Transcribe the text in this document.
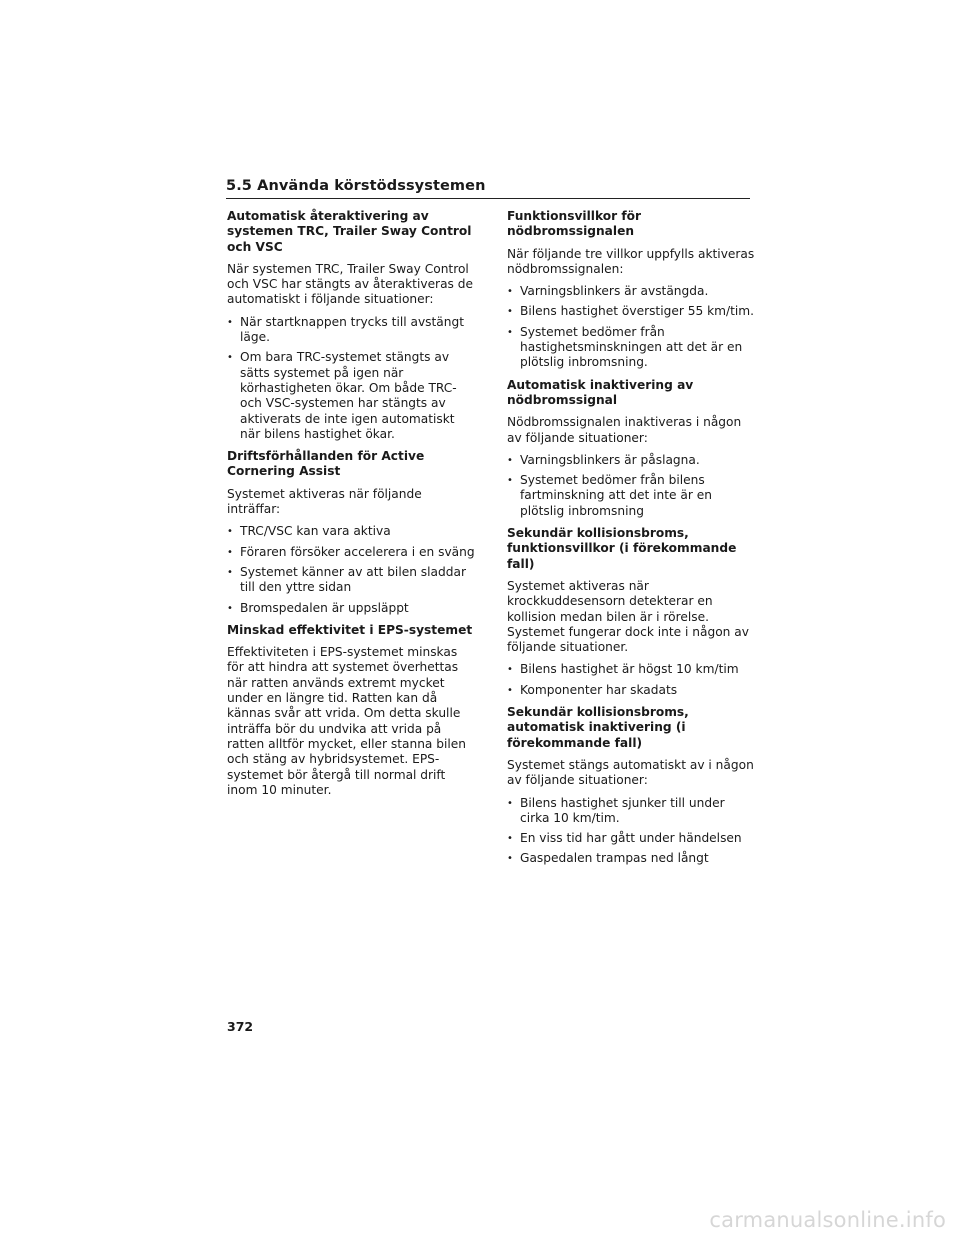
5.5 Använda körstödssystemen
Automatisk återaktivering av systemen TRC, Trailer Sway Control och VSC
När systemen TRC, Trailer Sway Control och VSC har stängts av återaktiveras de automatiskt i följande situationer:
• När startknappen trycks till avstängt läge.
• Om bara TRC-systemet stängts av sätts systemet på igen när körhastigheten ökar. Om både TRC- och VSC-systemen har stängts av aktiverats de inte igen automatiskt när bilens hastighet ökar.
Driftsförhållanden för Active Cornering Assist
Systemet aktiveras när följande inträffar:
• TRC/VSC kan vara aktiva
• Föraren försöker accelerera i en sväng
• Systemet känner av att bilen sladdar till den yttre sidan
• Bromspedalen är uppsläppt
Minskad effektivitet i EPS-systemet
Effektiviteten i EPS-systemet minskas för att hindra att systemet överhettas när ratten används extremt mycket under en längre tid. Ratten kan då kännas svår att vrida. Om detta skulle inträffa bör du undvika att vrida på ratten alltför mycket, eller stanna bilen och stäng av hybridsystemet. EPS-systemet bör återgå till normal drift inom 10 minuter.
Funktionsvillkor för nödbromssignalen
När följande tre villkor uppfylls aktiveras nödbromssignalen:
• Varningsblinkers är avstängda.
• Bilens hastighet överstiger 55 km/tim.
• Systemet bedömer från hastighetsminskningen att det är en plötslig inbromsning.
Automatisk inaktivering av nödbromssignal
Nödbromssignalen inaktiveras i någon av följande situationer:
• Varningsblinkers är påslagna.
• Systemet bedömer från bilens fartminskning att det inte är en plötslig inbromsning
Sekundär kollisionsbroms, funktionsvillkor (i förekommande fall)
Systemet aktiveras när krockkuddesensorn detekterar en kollision medan bilen är i rörelse. Systemet fungerar dock inte i någon av följande situationer.
• Bilens hastighet är högst 10 km/tim
• Komponenter har skadats
Sekundär kollisionsbroms, automatisk inaktivering (i förekommande fall)
Systemet stängs automatiskt av i någon av följande situationer:
• Bilens hastighet sjunker till under cirka 10 km/tim.
• En viss tid har gått under händelsen
• Gaspedalen trampas ned långt
372
carmanualsonline.info
